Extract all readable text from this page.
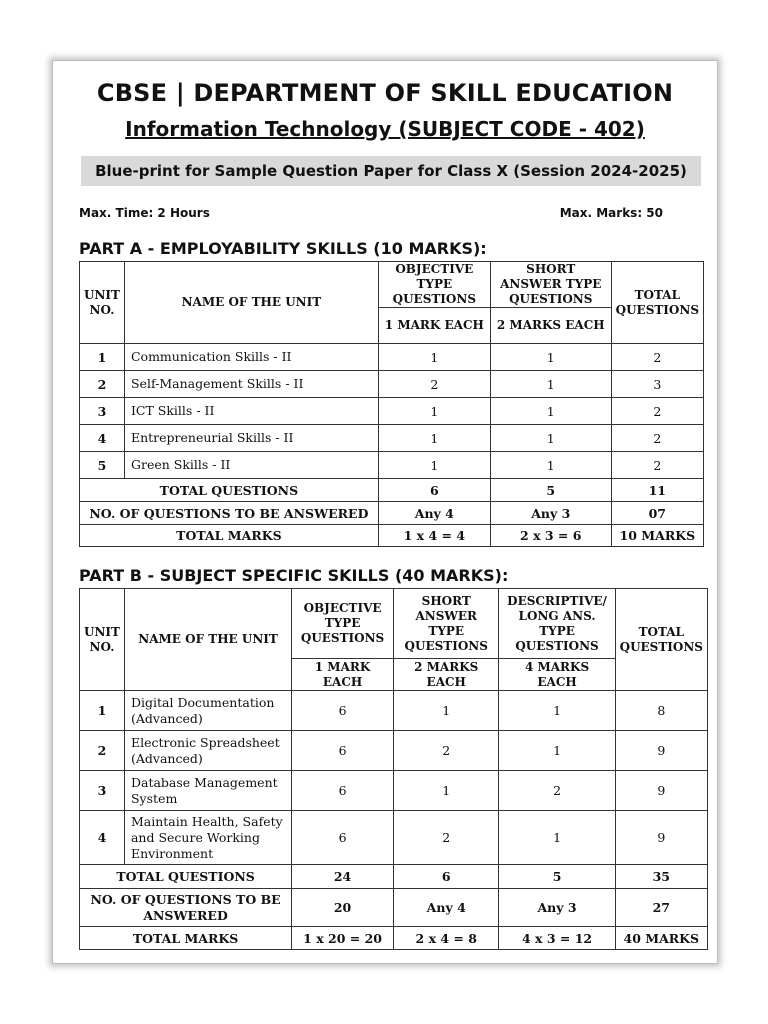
CBSE | DEPARTMENT OF SKILL EDUCATION
Information Technology (SUBJECT CODE - 402)
Blue-print for Sample Question Paper for Class X (Session 2024-2025)
Max. Time: 2 Hours	Max. Marks: 50
PART A - EMPLOYABILITY SKILLS (10 MARKS):
UNIT NO.	NAME OF THE UNIT	OBJECTIVE TYPE QUESTIONS	SHORT ANSWER TYPE QUESTIONS	TOTAL QUESTIONS
		1 MARK EACH	2 MARKS EACH	
1	Communication Skills - II	1	1	2
2	Self-Management Skills - II	2	1	3
3	ICT Skills - II	1	1	2
4	Entrepreneurial Skills - II	1	1	2
5	Green Skills - II	1	1	2
TOTAL QUESTIONS		6	5	11
NO. OF QUESTIONS TO BE ANSWERED		Any 4	Any 3	07
TOTAL MARKS		1 x 4 = 4	2 x 3 = 6	10 MARKS
PART B - SUBJECT SPECIFIC SKILLS (40 MARKS):
UNIT NO.	NAME OF THE UNIT	OBJECTIVE TYPE QUESTIONS	SHORT ANSWER TYPE QUESTIONS	DESCRIPTIVE/ LONG ANS. TYPE QUESTIONS	TOTAL QUESTIONS
		1 MARK EACH	2 MARKS EACH	4 MARKS EACH	
1	Digital Documentation (Advanced)	6	1	1	8
2	Electronic Spreadsheet (Advanced)	6	2	1	9
3	Database Management System	6	1	2	9
4	Maintain Health, Safety and Secure Working Environment	6	2	1	9
TOTAL QUESTIONS		24	6	5	35
NO. OF QUESTIONS TO BE ANSWERED		20	Any 4	Any 3	27
TOTAL MARKS		1 x 20 = 20	2 x 4 = 8	4 x 3 = 12	40 MARKS
